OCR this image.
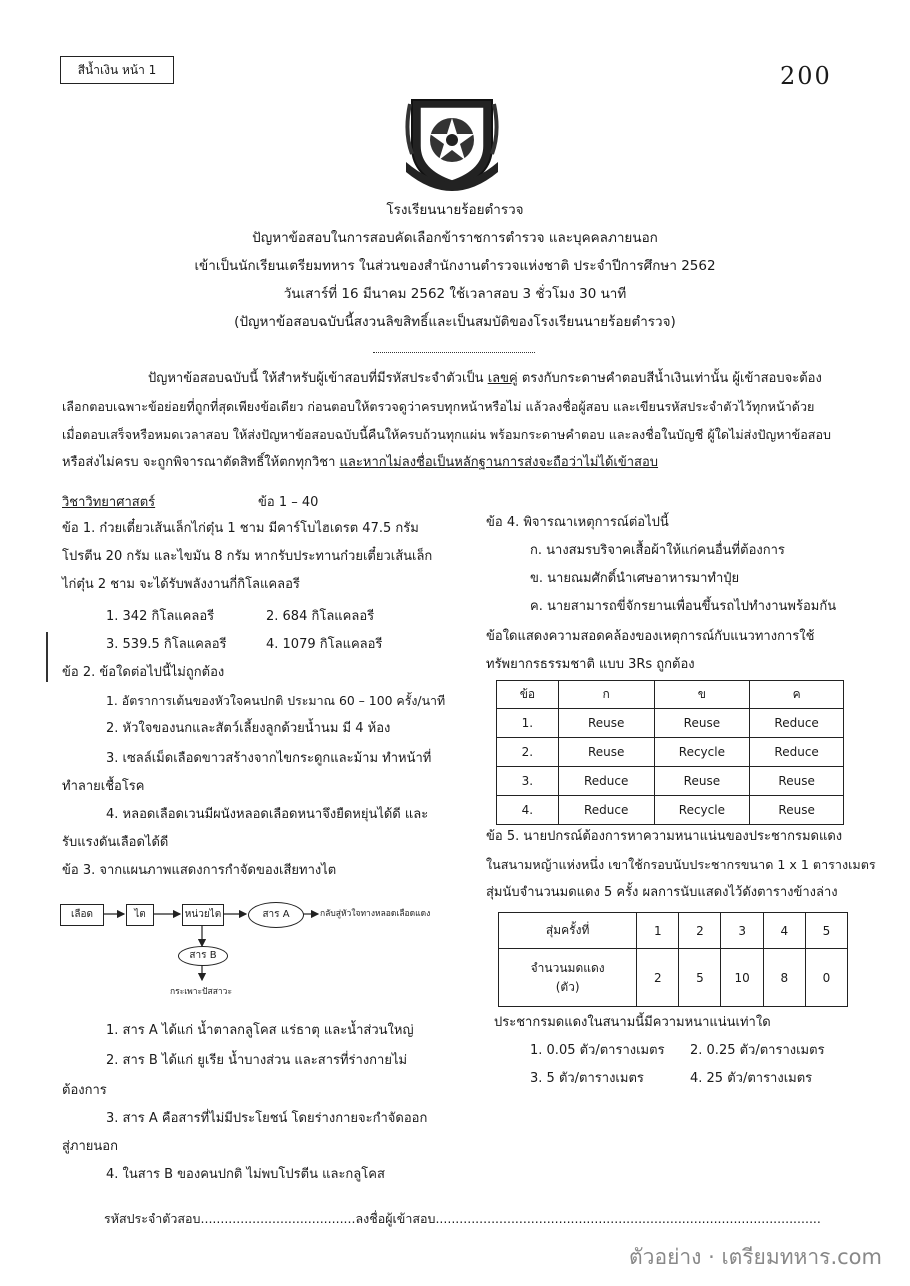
สีน้ำเงิน หน้า 1	200
โรงเรียนนายร้อยตำรวจ
ปัญหาข้อสอบในการสอบคัดเลือกข้าราชการตำรวจ และบุคคลภายนอก
เข้าเป็นนักเรียนเตรียมทหาร ในส่วนของสำนักงานตำรวจแห่งชาติ ประจำปีการศึกษา 2562
วันเสาร์ที่ 16 มีนาคม 2562 ใช้เวลาสอบ 3 ชั่วโมง 30 นาที
(ปัญหาข้อสอบฉบับนี้สงวนลิขสิทธิ์และเป็นสมบัติของโรงเรียนนายร้อยตำรวจ)
ปัญหาข้อสอบฉบับนี้ ให้สำหรับผู้เข้าสอบที่มีรหัสประจำตัวเป็น เลขคู่ ตรงกับกระดาษคำตอบสีน้ำเงินเท่านั้น ผู้เข้าสอบจะต้อง
เลือกตอบเฉพาะข้อย่อยที่ถูกที่สุดเพียงข้อเดียว ก่อนตอบให้ตรวจดูว่าครบทุกหน้าหรือไม่ แล้วลงชื่อผู้สอบ และเขียนรหัสประจำตัวไว้ทุกหน้าด้วย
เมื่อตอบเสร็จหรือหมดเวลาสอบ ให้ส่งปัญหาข้อสอบฉบับนี้คืนให้ครบถ้วนทุกแผ่น พร้อมกระดาษคำตอบ และลงชื่อในบัญชี ผู้ใดไม่ส่งปัญหาข้อสอบ
หรือส่งไม่ครบ จะถูกพิจารณาตัดสิทธิ์ให้ตกทุกวิชา และหากไม่ลงชื่อเป็นหลักฐานการส่งจะถือว่าไม่ได้เข้าสอบ
วิชาวิทยาศาสตร์	ข้อ 1 – 40
ข้อ 1. ก๋วยเตี๋ยวเส้นเล็กไก่ตุ๋น 1 ชาม มีคาร์โบไฮเดรต 47.5 กรัม
โปรตีน 20 กรัม และไขมัน 8 กรัม หากรับประทานก๋วยเตี๋ยวเส้นเล็ก
ไก่ตุ๋น 2 ชาม จะได้รับพลังงานกี่กิโลแคลอรี
1. 342 กิโลแคลอรี	2. 684 กิโลแคลอรี
3. 539.5 กิโลแคลอรี	4. 1079 กิโลแคลอรี
ข้อ 2. ข้อใดต่อไปนี้ไม่ถูกต้อง
1. อัตราการเต้นของหัวใจคนปกติ ประมาณ 60 – 100 ครั้ง/นาที
2. หัวใจของนกและสัตว์เลี้ยงลูกด้วยน้ำนม มี 4 ห้อง
3. เซลล์เม็ดเลือดขาวสร้างจากไขกระดูกและม้าม ทำหน้าที่
ทำลายเชื้อโรค
4. หลอดเลือดเวนมีผนังหลอดเลือดหนาจึงยืดหยุ่นได้ดี และ
รับแรงดันเลือดได้ดี
ข้อ 3. จากแผนภาพแสดงการกำจัดของเสียทางไต
เลือด	ไต	หน่วยไต	สาร A	กลับสู่หัวใจทางหลอดเลือดแดง
สาร B
กระเพาะปัสสาวะ
1. สาร A ได้แก่ น้ำตาลกลูโคส แร่ธาตุ และน้ำส่วนใหญ่
2. สาร B ได้แก่ ยูเรีย น้ำบางส่วน และสารที่ร่างกายไม่
ต้องการ
3. สาร A คือสารที่ไม่มีประโยชน์ โดยร่างกายจะกำจัดออก
สู่ภายนอก
4. ในสาร B ของคนปกติ ไม่พบโปรตีน และกลูโคส
ข้อ 4. พิจารณาเหตุการณ์ต่อไปนี้
ก. นางสมรบริจาคเสื้อผ้าให้แก่คนอื่นที่ต้องการ
ข. นายณมศักดิ์นำเศษอาหารมาทำปุ๋ย
ค. นายสามารถขี่จักรยานเพื่อนขึ้นรถไปทำงานพร้อมกัน
ข้อใดแสดงความสอดคล้องของเหตุการณ์กับแนวทางการใช้
ทรัพยากรธรรมชาติ แบบ 3Rs ถูกต้อง
ข้อ	ก	ข	ค
1.	Reuse	Reuse	Reduce
2.	Reuse	Recycle	Reduce
3.	Reduce	Reuse	Reuse
4.	Reduce	Recycle	Reuse
ข้อ 5. นายปกรณ์ต้องการหาความหนาแน่นของประชากรมดแดง
ในสนามหญ้าแห่งหนึ่ง เขาใช้กรอบนับประชากรขนาด 1 x 1 ตารางเมตร
สุ่มนับจำนวนมดแดง 5 ครั้ง ผลการนับแสดงไว้ดังตารางข้างล่าง
สุ่มครั้งที่	1	2	3	4	5

จำนวนมดแดง
(ตัว)	2	5	10	8	0
ประชากรมดแดงในสนามนี้มีความหนาแน่นเท่าใด
1. 0.05 ตัว/ตารางเมตร 2. 0.25 ตัว/ตารางเมตร
3. 5 ตัว/ตารางเมตร	4. 25 ตัว/ตารางเมตร
รหัสประจำตัวสอบ.......................................ลงชื่อผู้เข้าสอบ.................................................................................................
ตัวอย่าง · เตรียมทหาร.com
